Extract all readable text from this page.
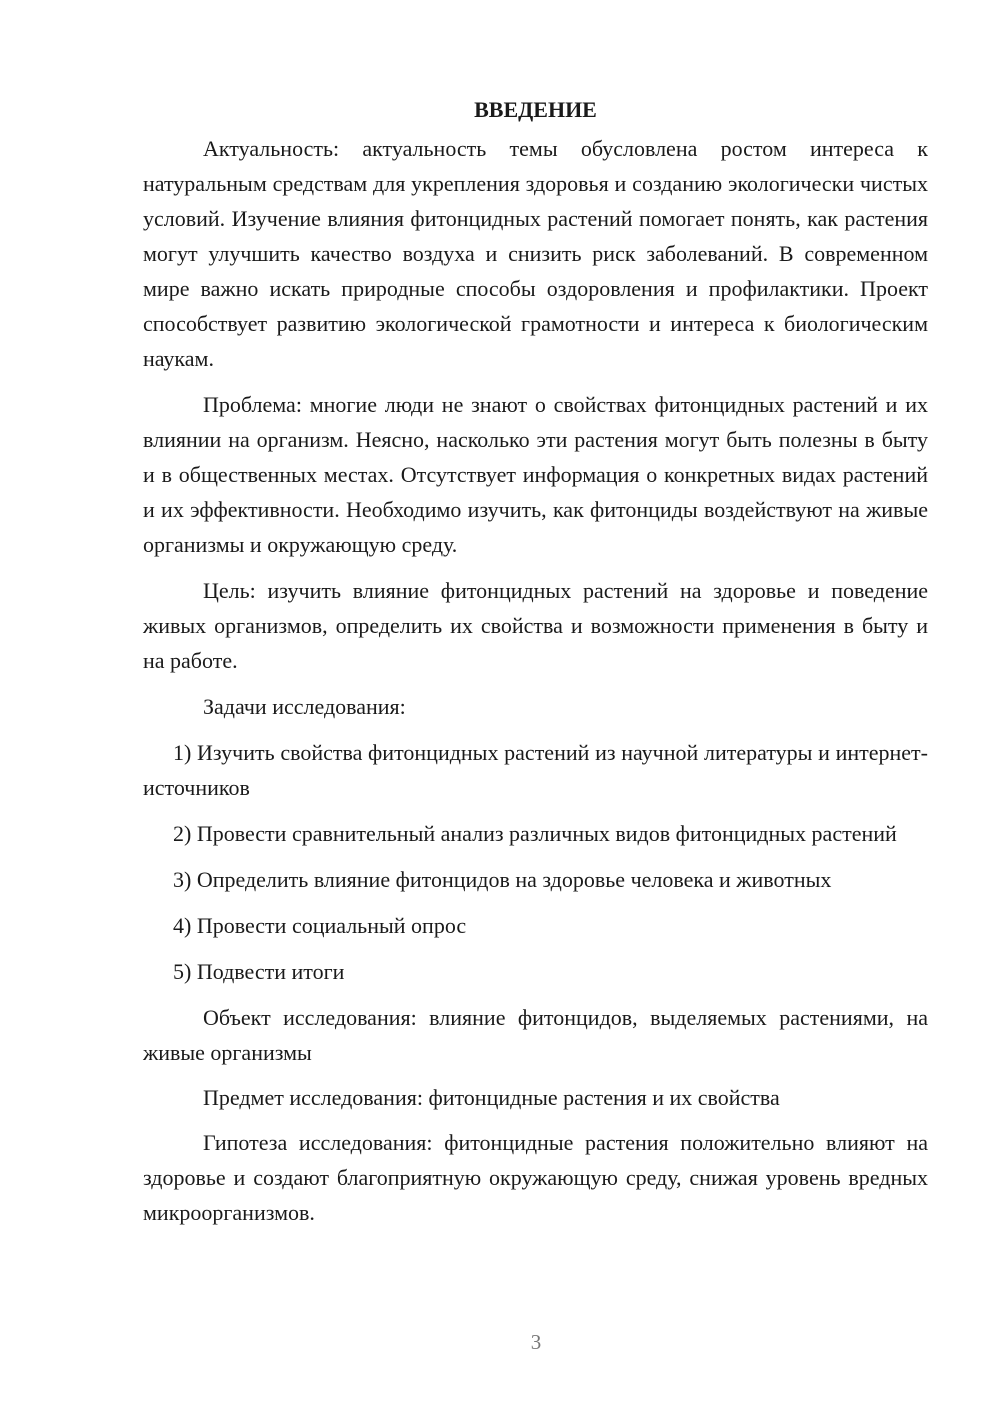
ВВЕДЕНИЕ

Актуальность: актуальность темы обусловлена ростом интереса к натуральным средствам для укрепления здоровья и созданию экологически чистых условий. Изучение влияния фитонцидных растений помогает понять, как растения могут улучшить качество воздуха и снизить риск заболеваний. В современном мире важно искать природные способы оздоровления и профилактики. Проект способствует развитию экологической грамотности и интереса к биологическим наукам.

Проблема: многие люди не знают о свойствах фитонцидных растений и их влиянии на организм. Неясно, насколько эти растения могут быть полезны в быту и в общественных местах. Отсутствует информация о конкретных видах растений и их эффективности. Необходимо изучить, как фитонциды воздействуют на живые организмы и окружающую среду.

Цель: изучить влияние фитонцидных растений на здоровье и поведение живых организмов, определить их свойства и возможности применения в быту и на работе.

Задачи исследования:

1) Изучить свойства фитонцидных растений из научной литературы и интернет-источников

2) Провести сравнительный анализ различных видов фитонцидных растений

3) Определить влияние фитонцидов на здоровье человека и животных

4) Провести социальный опрос

5) Подвести итоги

Объект исследования: влияние фитонцидов, выделяемых растениями, на живые организмы

Предмет исследования: фитонцидные растения и их свойства

Гипотеза исследования: фитонцидные растения положительно влияют на здоровье и создают благоприятную окружающую среду, снижая уровень вредных микроорганизмов.

3
